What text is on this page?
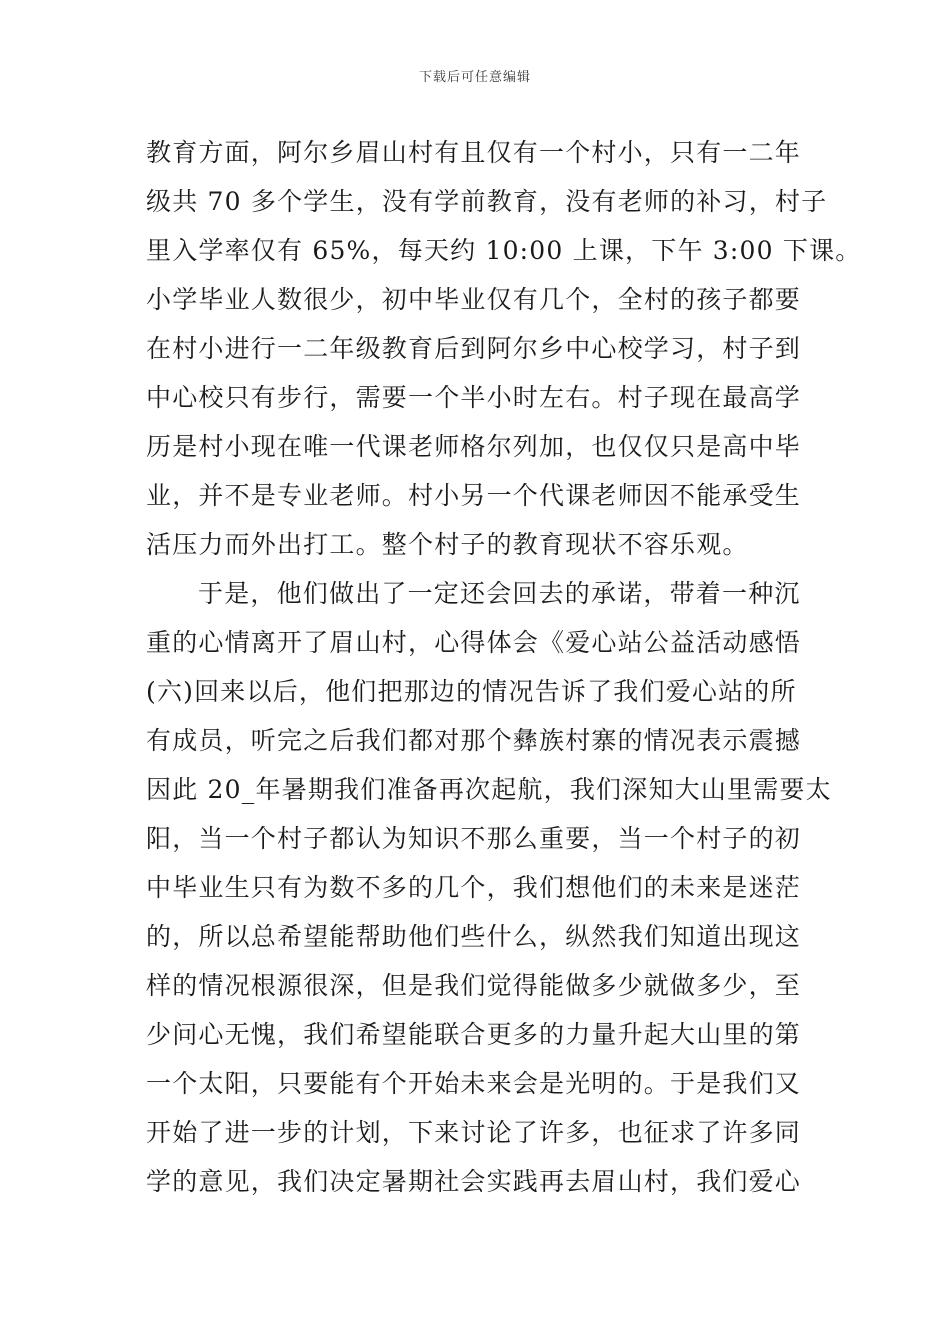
下载后可任意编辑
教育方面，阿尔乡眉山村有且仅有一个村小，只有一二年
级共 70 多个学生，没有学前教育，没有老师的补习，村子
里入学率仅有 65%，每天约 10:00 上课，下午 3:00 下课。
小学毕业人数很少，初中毕业仅有几个，全村的孩子都要
在村小进行一二年级教育后到阿尔乡中心校学习，村子到
中心校只有步行，需要一个半小时左右。村子现在最高学
历是村小现在唯一代课老师格尔列加，也仅仅只是高中毕
业，并不是专业老师。村小另一个代课老师因不能承受生
活压力而外出打工。整个村子的教育现状不容乐观。
于是，他们做出了一定还会回去的承诺，带着一种沉
重的心情离开了眉山村，心得体会《爱心站公益活动感悟
(六)回来以后，他们把那边的情况告诉了我们爱心站的所
有成员，听完之后我们都对那个彝族村寨的情况表示震撼
因此 20_年暑期我们准备再次起航，我们深知大山里需要太
阳，当一个村子都认为知识不那么重要，当一个村子的初
中毕业生只有为数不多的几个，我们想他们的未来是迷茫
的，所以总希望能帮助他们些什么，纵然我们知道出现这
样的情况根源很深，但是我们觉得能做多少就做多少，至
少问心无愧，我们希望能联合更多的力量升起大山里的第
一个太阳，只要能有个开始未来会是光明的。于是我们又
开始了进一步的计划，下来讨论了许多，也征求了许多同
学的意见，我们决定暑期社会实践再去眉山村，我们爱心
